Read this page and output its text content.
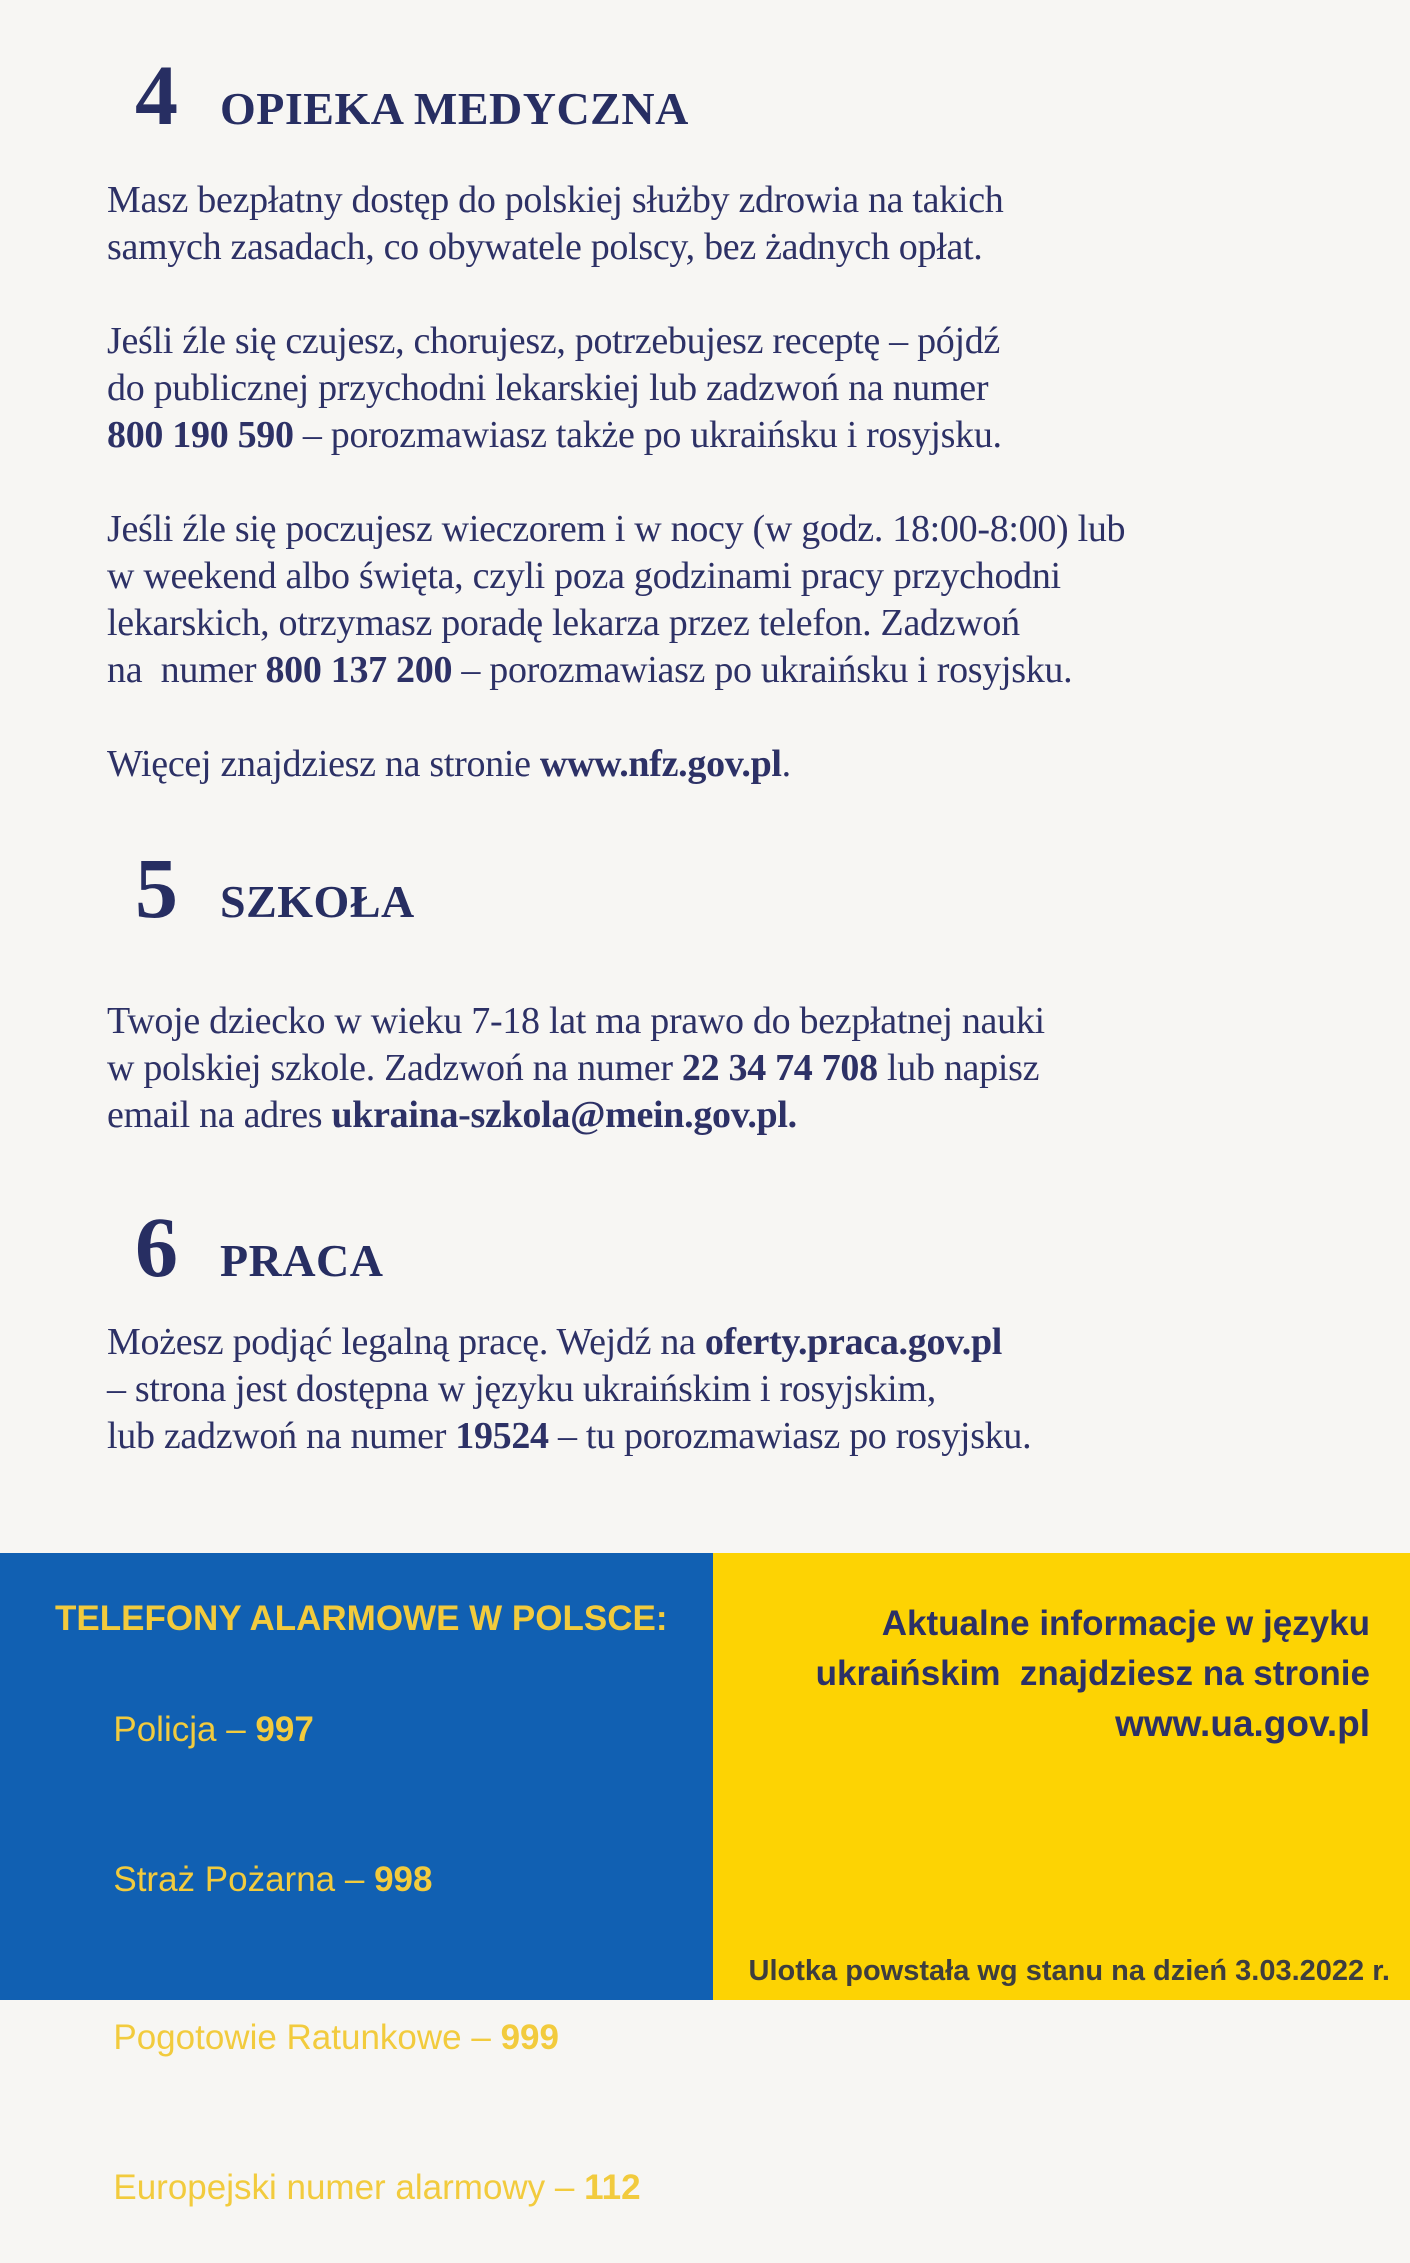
4 OPIEKA MEDYCZNA
Masz bezpłatny dostęp do polskiej służby zdrowia na takich
samych zasadach, co obywatele polscy, bez żadnych opłat.
Jeśli źle się czujesz, chorujesz, potrzebujesz receptę – pójdź
do publicznej przychodni lekarskiej lub zadzwoń na numer
800 190 590 – porozmawiasz także po ukraińsku i rosyjsku.
Jeśli źle się poczujesz wieczorem i w nocy (w godz. 18:00-8:00) lub
w weekend albo święta, czyli poza godzinami pracy przychodni
lekarskich, otrzymasz poradę lekarza przez telefon. Zadzwoń
na  numer 800 137 200 – porozmawiasz po ukraińsku i rosyjsku.
Więcej znajdziesz na stronie www.nfz.gov.pl.
5 SZKOŁA
Twoje dziecko w wieku 7-18 lat ma prawo do bezpłatnej nauki
w polskiej szkole. Zadzwoń na numer 22 34 74 708 lub napisz
email na adres ukraina-szkola@mein.gov.pl.
6 PRACA
Możesz podjąć legalną pracę. Wejdź na oferty.praca.gov.pl
– strona jest dostępna w języku ukraińskim i rosyjskim,
lub zadzwoń na numer 19524 – tu porozmawiasz po rosyjsku.
TELEFONY ALARMOWE W POLSCE:

Policja – 997

Straż Pożarna – 998

Pogotowie Ratunkowe – 999

Europejski numer alarmowy – 112

Aktualne informacje w języku
ukraińskim  znajdziesz na stronie
www.ua.gov.pl
Ulotka powstała wg stanu na dzień 3.03.2022 r.
